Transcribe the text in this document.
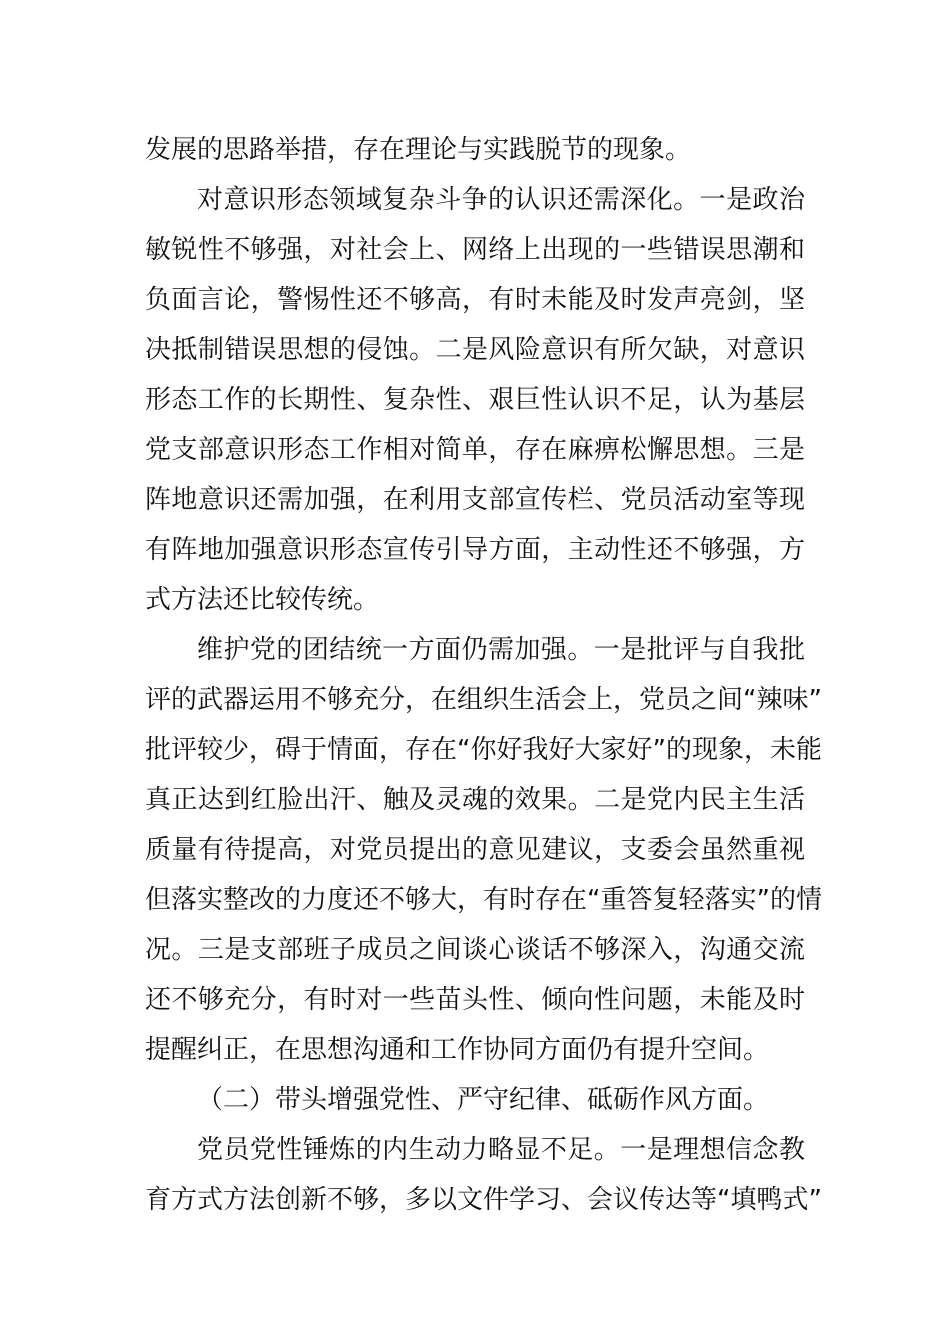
发展的思路举措，存在理论与实践脱节的现象。
对意识形态领域复杂斗争的认识还需深化。一是政治
敏锐性不够强，对社会上、网络上出现的一些错误思潮和
负面言论，警惕性还不够高，有时未能及时发声亮剑，坚
决抵制错误思想的侵蚀。二是风险意识有所欠缺，对意识
形态工作的长期性、复杂性、艰巨性认识不足，认为基层
党支部意识形态工作相对简单，存在麻痹松懈思想。三是
阵地意识还需加强，在利用支部宣传栏、党员活动室等现
有阵地加强意识形态宣传引导方面，主动性还不够强，方
式方法还比较传统。
维护党的团结统一方面仍需加强。一是批评与自我批
评的武器运用不够充分，在组织生活会上，党员之间“辣味”
批评较少，碍于情面，存在“你好我好大家好”的现象，未能
真正达到红脸出汗、触及灵魂的效果。二是党内民主生活
质量有待提高，对党员提出的意见建议，支委会虽然重视
但落实整改的力度还不够大，有时存在“重答复轻落实”的情
况。三是支部班子成员之间谈心谈话不够深入，沟通交流
还不够充分，有时对一些苗头性、倾向性问题，未能及时
提醒纠正，在思想沟通和工作协同方面仍有提升空间。
（二）带头增强党性、严守纪律、砥砺作风方面。
党员党性锤炼的内生动力略显不足。一是理想信念教
育方式方法创新不够，多以文件学习、会议传达等“填鸭式”
